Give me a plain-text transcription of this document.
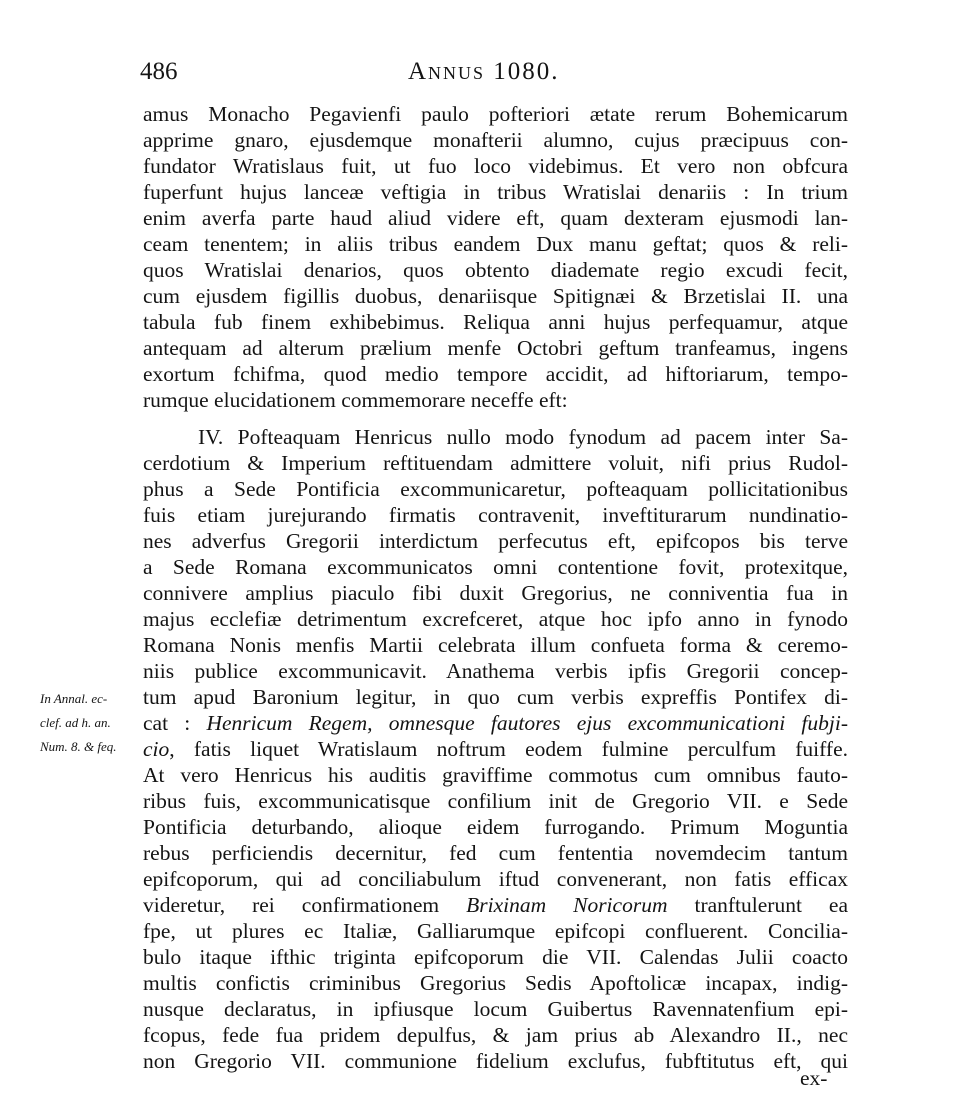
486	Annus 1080.
amus Monacho Pegavienfi paulo pofteriori ætate rerum Bohemicarum
apprime gnaro, ejusdemque monafterii alumno, cujus præcipuus con-
fundator Wratislaus fuit, ut fuo loco videbimus. Et vero non obfcura
fuperfunt hujus lanceæ veftigia in tribus Wratislai denariis : In trium
enim averfa parte haud aliud videre eft, quam dexteram ejusmodi lan-
ceam tenentem; in aliis tribus eandem Dux manu geftat; quos & reli-
quos Wratislai denarios, quos obtento diademate regio excudi fecit,
cum ejusdem figillis duobus, denariisque Spitignæi & Brzetislai II. una
tabula fub finem exhibebimus. Reliqua anni hujus perfequamur, atque
antequam ad alterum prælium menfe Octobri geftum tranfeamus, ingens
exortum fchifma, quod medio tempore accidit, ad hiftoriarum, tempo-
rumque elucidationem commemorare neceffe eft:
IV. Pofteaquam Henricus nullo modo fynodum ad pacem inter Sa-
cerdotium & Imperium reftituendam admittere voluit, nifi prius Rudol-
phus a Sede Pontificia excommunicaretur, pofteaquam pollicitationibus
fuis etiam jurejurando firmatis contravenit, inveftiturarum nundinatio-
nes adverfus Gregorii interdictum perfecutus eft, epifcopos bis terve
a Sede Romana excommunicatos omni contentione fovit, protexitque,
connivere amplius piaculo fibi duxit Gregorius, ne conniventia fua in
majus ecclefiæ detrimentum excrefceret, atque hoc ipfo anno in fynodo
Romana Nonis menfis Martii celebrata illum confueta forma & ceremo-
niis publice excommunicavit. Anathema verbis ipfis Gregorii concep-
tum apud Baronium legitur, in quo cum verbis expreffis Pontifex di-
cat : Henricum Regem, omnesque fautores ejus excommunicationi fubji-
cio, fatis liquet Wratislaum noftrum eodem fulmine perculfum fuiffe.
At vero Henricus his auditis graviffime commotus cum omnibus fauto-
ribus fuis, excommunicatisque confilium init de Gregorio VII. e Sede
Pontificia deturbando, alioque eidem furrogando. Primum Moguntia
rebus perficiendis decernitur, fed cum fententia novemdecim tantum
epifcoporum, qui ad conciliabulum iftud convenerant, non fatis efficax
videretur, rei confirmationem Brixinam Noricorum tranftulerunt ea
fpe, ut plures ec Italiæ, Galliarumque epifcopi confluerent. Concilia-
bulo itaque ifthic triginta epifcoporum die VII. Calendas Julii coacto
multis confictis criminibus Gregorius Sedis Apoftolicæ incapax, indig-
nusque declaratus, in ipfiusque locum Guibertus Ravennatenfium epi-
fcopus, fede fua pridem depulfus, & jam prius ab Alexandro II., nec
non Gregorio VII. communione fidelium exclufus, fubftitutus eft, qui
In Annal. ec-
clef. ad h. an.
Num. 8. & feq.
ex-
